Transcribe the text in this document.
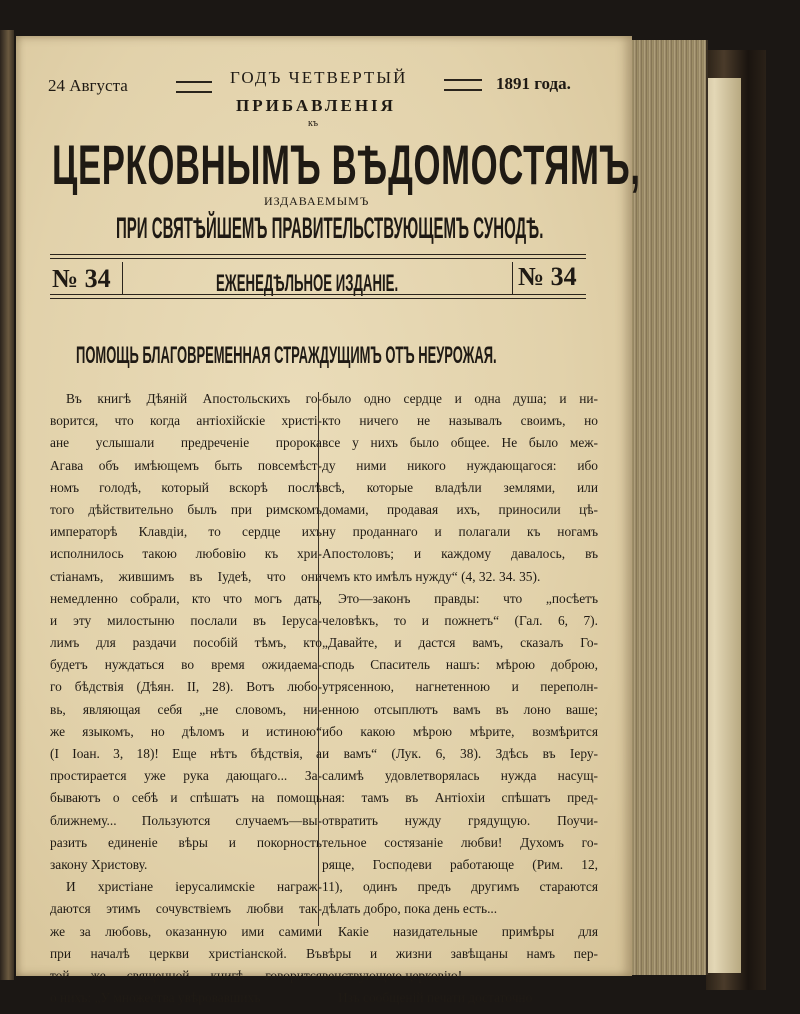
24 Августа	ГОДЪ ЧЕТВЕРТЫЙ	1891 года.
ПРИБАВЛЕНІЯ
къ
ЦЕРКОВНЫМЪ ВѢДОМОСТЯМЪ,
ИЗДАВАЕМЫМЪ
ПРИ СВЯТѢЙШЕМЪ ПРАВИТЕЛЬСТВУЮЩЕМЪ СУНОДѢ.
№ 34	ЕЖЕНЕДѢЛЬНОЕ ИЗДАНІЕ.	№ 34
ПОМОЩЬ БЛАГОВРЕМЕННАЯ СТРАЖДУЩИМЪ ОТЪ НЕУРОЖАЯ.
Въ книгѣ Дѣяній Апостольскихъ го-
ворится, что когда антіохійскіе христі-
ане услышали предреченіе пророка
Агава объ имѣющемъ быть повсемѣст-
номъ голодѣ, который вскорѣ послѣ
того дѣйствительно былъ при римскомъ
императорѣ Клавдіи, то сердце ихъ
исполнилось такою любовію къ хри-
стіанамъ, жившимъ въ Іудеѣ, что они
немедленно собрали, кто что могъ дать,
и эту милостыню послали въ Іеруса-
лимъ для раздачи пособій тѣмъ, кто
будетъ нуждаться во время ожидаема-
го бѣдствія (Дѣян. II, 28). Вотъ любо-
вь, являющая себя „не словомъ, ни-
же языкомъ, но дѣломъ и истиною“
(I Іоан. 3, 18)! Еще нѣтъ бѣдствія, а
простирается уже рука дающаго... За-
бываютъ о себѣ и спѣшатъ на помощь
ближнему... Пользуются случаемъ—вы-
разить единеніе вѣры и покорность
закону Христову.
И христіане іерусалимскіе награж-
даются этимъ сочувствіемъ любви так-
же за любовь, оказанную ими самими
при началѣ церкви христіанской. Въ
той же священной книгѣ говорится
о нихъ: „У множества увѣровавшихъ
было одно сердце и одна душа; и ни-
кто ничего не называлъ своимъ, но
все у нихъ было общее. Не было меж-
ду ними никого нуждающагося: ибо
всѣ, которые владѣли землями, или
домами, продавая ихъ, приносили цѣ-
ну проданнаго и полагали къ ногамъ
Апостоловъ; и каждому давалось, въ
чемъ кто имѣлъ нужду“ (4, 32. 34. 35).
Это—законъ правды: что „посѣетъ
человѣкъ, то и пожнетъ“ (Гал. 6, 7).
„Давайте, и дастся вамъ, сказалъ Го-
сподь Спаситель нашъ: мѣрою доброю,
утрясенною, нагнетенною и переполн-
енною отсыплютъ вамъ въ лоно ваше;
ибо какою мѣрою мѣрите, возмѣрится
и вамъ“ (Лук. 6, 38). Здѣсь въ Іеру-
салимѣ удовлетворялась нужда насущ-
ная: тамъ въ Антіохіи спѣшатъ пред-
отвратить нужду грядущую. Поучи-
тельное состязаніе любви! Духомъ го-
ряще, Господеви работающе (Рим. 12,
11), одинъ предъ другимъ стараются
дѣлать добро, пока день есть...
Какіе назидательные примѣры для
вѣры и жизни завѣщаны намъ пер-
венствующею церковію!
Изъ сообщеній печати достаточно
